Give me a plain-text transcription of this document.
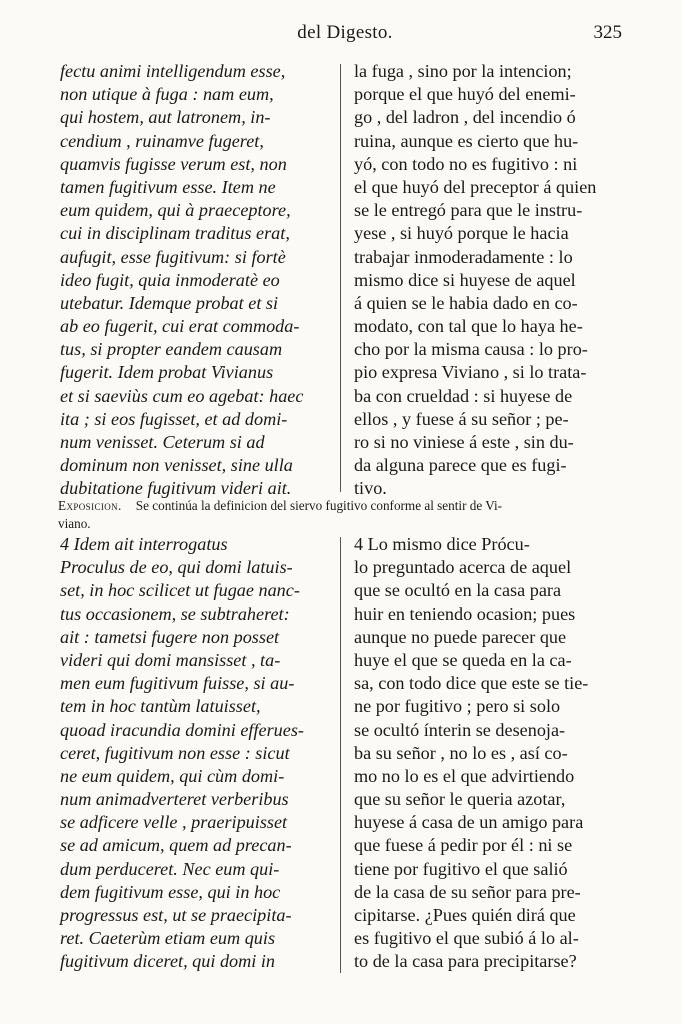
del Digesto.	325
fectu animi intelligendum esse,
non utique à fuga : nam eum,
qui hostem, aut latronem, in-
cendium , ruinamve fugeret,
quamvis fugisse verum est, non
tamen fugitivum esse. Item ne
eum quidem, qui à praeceptore,
cui in disciplinam traditus erat,
aufugit, esse fugitivum: si fortè
ideo fugit, quia inmoderatè eo
utebatur. Idemque probat et si
ab eo fugerit, cui erat commoda-
tus, si propter eandem causam
fugerit. Idem probat Vivianus
et si saeviùs cum eo agebat: haec
ita ; si eos fugisset, et ad domi-
num venisset. Ceterum si ad
dominum non venisset, sine ulla
dubitatione fugitivum videri ait.
la fuga , sino por la intencion;
porque el que huyó del enemi-
go , del ladron , del incendio ó
ruina, aunque es cierto que hu-
yó, con todo no es fugitivo : ni
el que huyó del preceptor á quien
se le entregó para que le instru-
yese , si huyó porque le hacia
trabajar inmoderadamente : lo
mismo dice si huyese de aquel
á quien se le habia dado en co-
modato, con tal que lo haya he-
cho por la misma causa : lo pro-
pio expresa Viviano , si lo trata-
ba con crueldad : si huyese de
ellos , y fuese á su señor ; pe-
ro si no viniese á este , sin du-
da alguna parece que es fugi-
tivo.
Exposicion. Se continúa la definicion del siervo fugitivo conforme al sentir de Vi-
viano.
4 Idem ait interrogatus
Proculus de eo, qui domi latuis-
set, in hoc scilicet ut fugae nanc-
tus occasionem, se subtraheret:
ait : tametsi fugere non posset
videri qui domi mansisset , ta-
men eum fugitivum fuisse, si au-
tem in hoc tantùm latuisset,
quoad iracundia domini efferues-
ceret, fugitivum non esse : sicut
ne eum quidem, qui cùm domi-
num animadverteret verberibus
se adficere velle , praeripuisset
se ad amicum, quem ad precan-
dum perduceret. Nec eum qui-
dem fugitivum esse, qui in hoc
progressus est, ut se praecipita-
ret. Caeterùm etiam eum quis
fugitivum diceret, qui domi in
4 Lo mismo dice Prócu-
lo preguntado acerca de aquel
que se ocultó en la casa para
huir en teniendo ocasion; pues
aunque no puede parecer que
huye el que se queda en la ca-
sa, con todo dice que este se tie-
ne por fugitivo ; pero si solo
se ocultó ínterin se desenoja-
ba su señor , no lo es , así co-
mo no lo es el que advirtiendo
que su señor le queria azotar,
huyese á casa de un amigo para
que fuese á pedir por él : ni se
tiene por fugitivo el que salió
de la casa de su señor para pre-
cipitarse. ¿Pues quién dirá que
es fugitivo el que subió á lo al-
to de la casa para precipitarse?
